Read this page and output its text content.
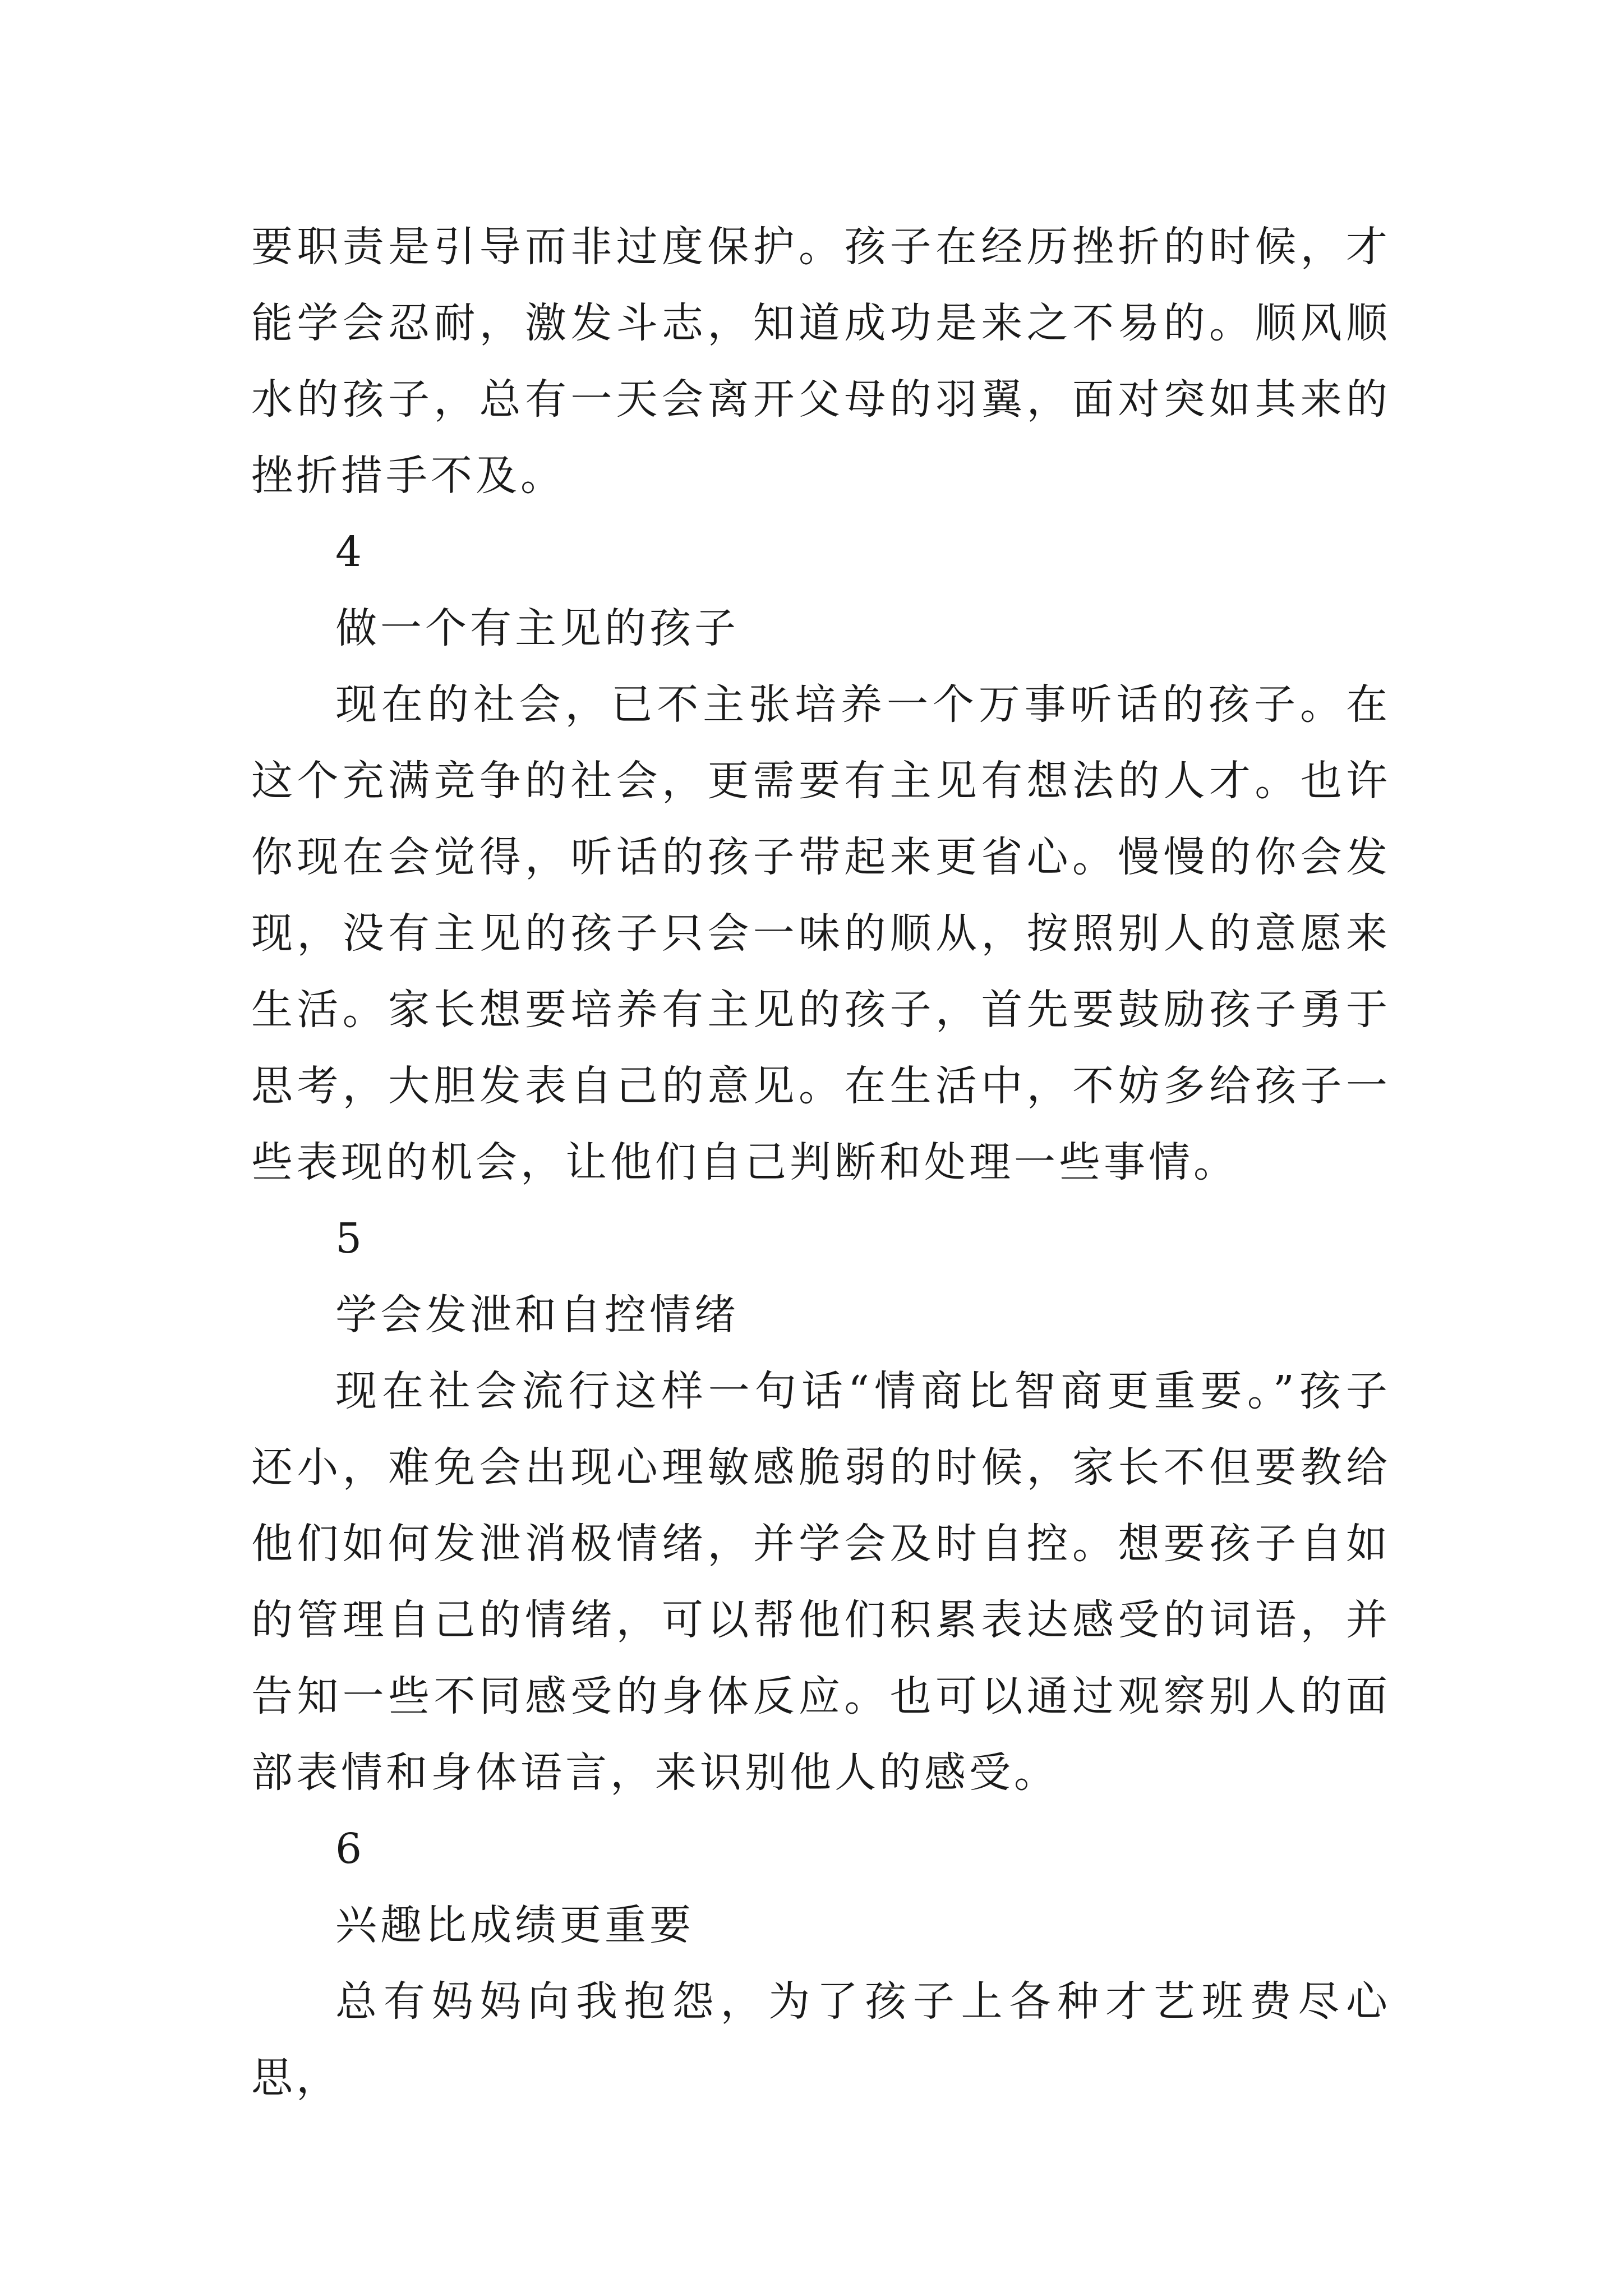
要职责是引导而非过度保护。孩子在经历挫折的时候，才能学会忍耐，激发斗志，知道成功是来之不易的。顺风顺水的孩子，总有一天会离开父母的羽翼，面对突如其来的挫折措手不及。

4

做一个有主见的孩子

现在的社会，已不主张培养一个万事听话的孩子。在这个充满竞争的社会，更需要有主见有想法的人才。也许你现在会觉得，听话的孩子带起来更省心。慢慢的你会发现，没有主见的孩子只会一味的顺从，按照别人的意愿来生活。家长想要培养有主见的孩子，首先要鼓励孩子勇于思考，大胆发表自己的意见。在生活中，不妨多给孩子一些表现的机会，让他们自己判断和处理一些事情。

5

学会发泄和自控情绪

现在社会流行这样一句话“情商比智商更重要。”孩子还小，难免会出现心理敏感脆弱的时候，家长不但要教给他们如何发泄消极情绪，并学会及时自控。想要孩子自如的管理自己的情绪，可以帮他们积累表达感受的词语，并告知一些不同感受的身体反应。也可以通过观察别人的面部表情和身体语言，来识别他人的感受。

6

兴趣比成绩更重要

总有妈妈向我抱怨，为了孩子上各种才艺班费尽心思，
